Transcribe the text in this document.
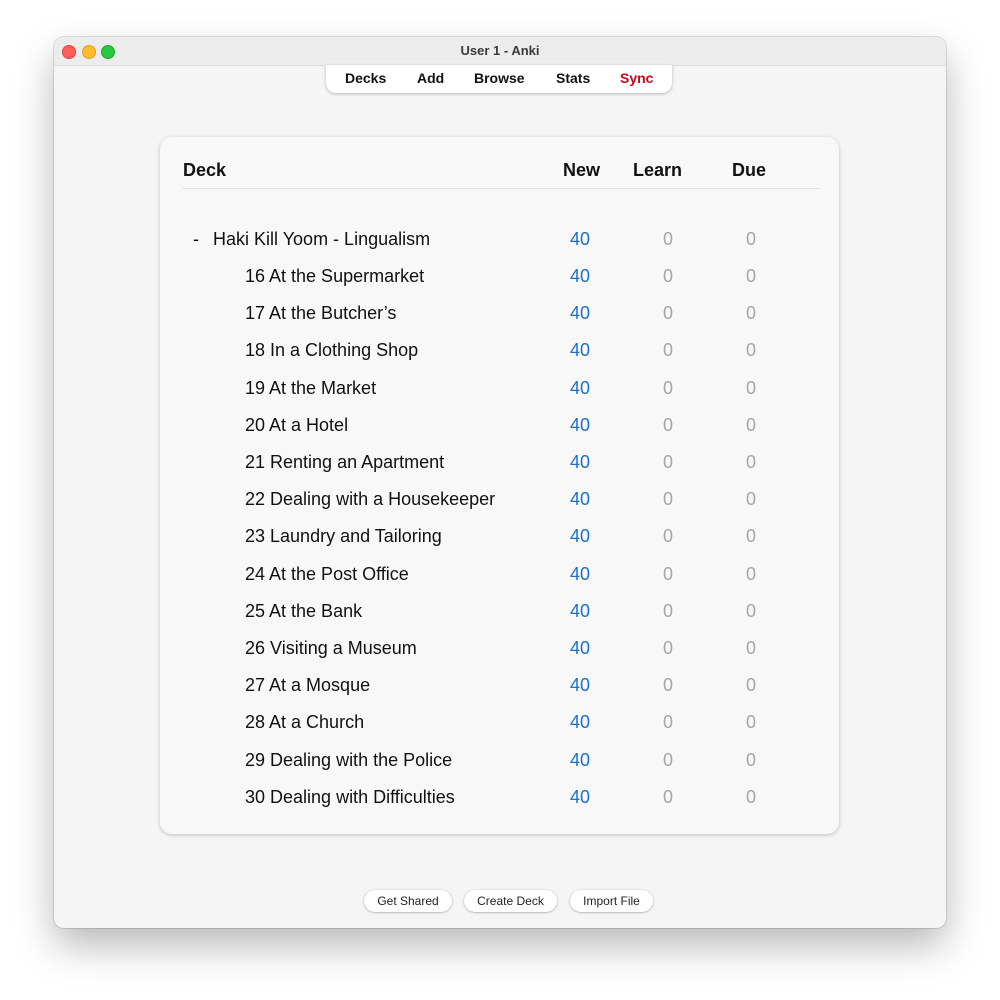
User 1 - Anki
Decks Add Browse Stats Sync
Deck	New Learn	Due
- Haki Kill Yoom - Lingualism	40	0	0
16 At the Supermarket	40	0	0
17 At the Butcher’s	40	0	0
18 In a Clothing Shop	40	0	0
19 At the Market	40	0	0
20 At a Hotel	40	0	0
21 Renting an Apartment	40	0	0
22 Dealing with a Housekeeper	40	0	0
23 Laundry and Tailoring	40	0	0
24 At the Post Office	40	0	0
25 At the Bank	40	0	0
26 Visiting a Museum	40	0	0
27 At a Mosque	40	0	0
28 At a Church	40	0	0
29 Dealing with the Police	40	0	0
30 Dealing with Difficulties	40	0	0
Get Shared	Create Deck	Import File
